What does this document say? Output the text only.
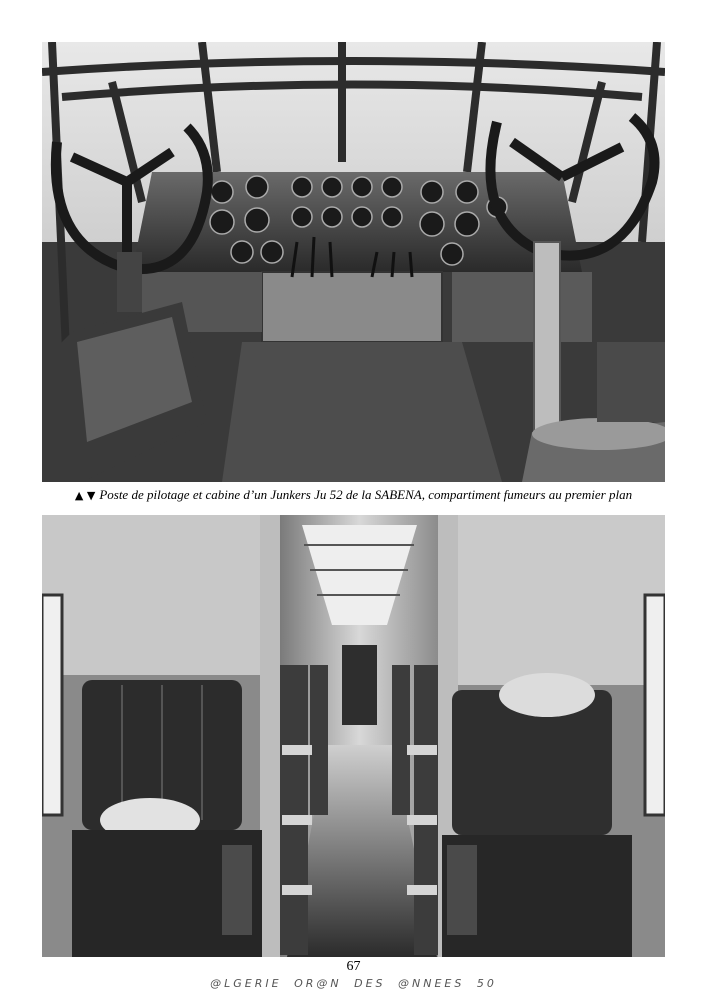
▲ ▼ Poste de pilotage et cabine d’un Junkers Ju 52 de la SABENA, compartiment fumeurs au premier plan
67
@LGERIE OR@N DES @NNEES 50
